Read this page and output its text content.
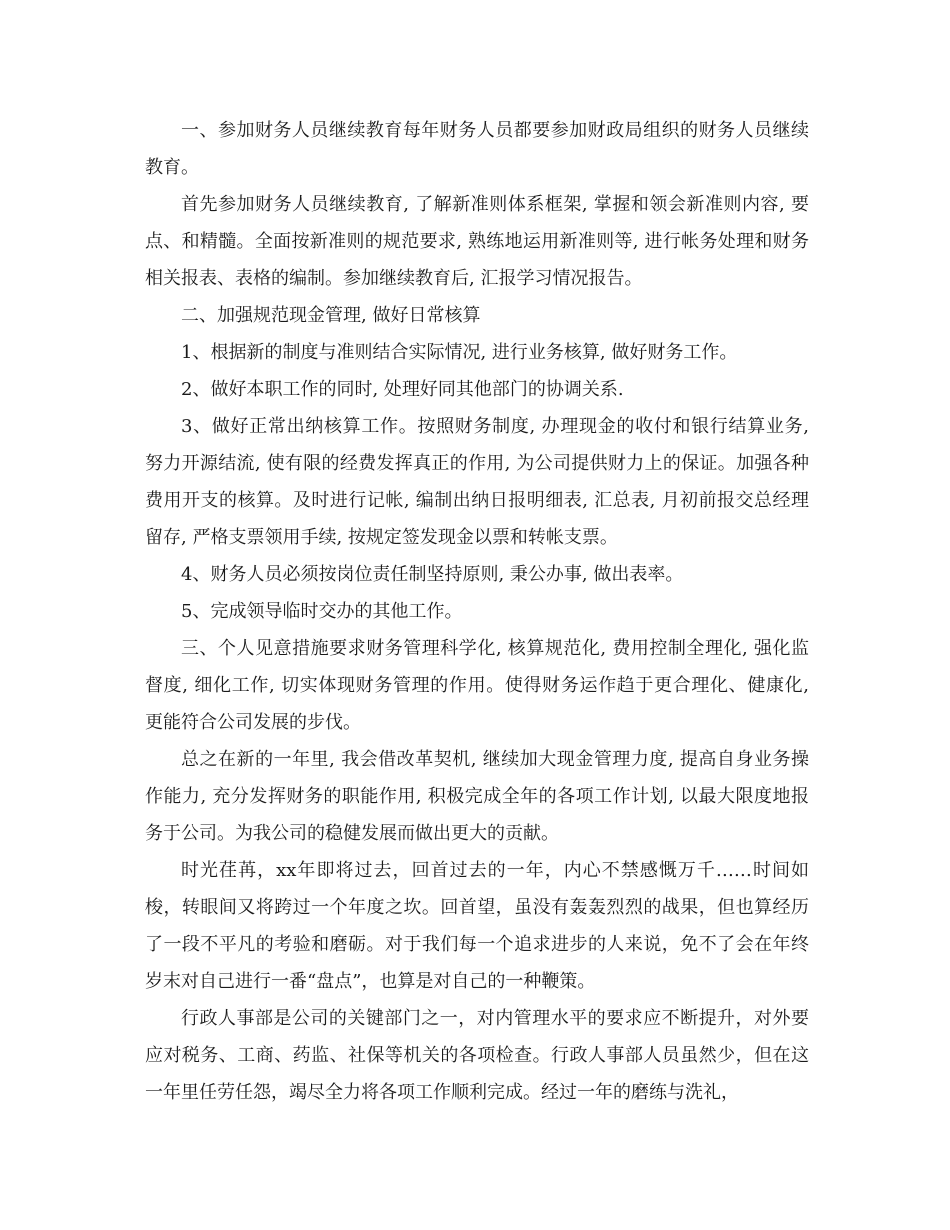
一、参加财务人员继续教育每年财务人员都要参加财政局组织的财务人员继续教育。

首先参加财务人员继续教育, 了解新准则体系框架, 掌握和领会新准则内容, 要点、和精髓。全面按新准则的规范要求, 熟练地运用新准则等, 进行帐务处理和财务相关报表、表格的编制。参加继续教育后, 汇报学习情况报告。

二、加强规范现金管理, 做好日常核算

1、根据新的制度与准则结合实际情况, 进行业务核算, 做好财务工作。

2、做好本职工作的同时, 处理好同其他部门的协调关系.

3、做好正常出纳核算工作。按照财务制度, 办理现金的收付和银行结算业务, 努力开源结流, 使有限的经费发挥真正的作用, 为公司提供财力上的保证。加强各种费用开支的核算。及时进行记帐, 编制出纳日报明细表, 汇总表, 月初前报交总经理留存, 严格支票领用手续, 按规定签发现金以票和转帐支票。

4、财务人员必须按岗位责任制坚持原则, 秉公办事, 做出表率。

5、完成领导临时交办的其他工作。

三、个人见意措施要求财务管理科学化, 核算规范化, 费用控制全理化, 强化监督度, 细化工作, 切实体现财务管理的作用。使得财务运作趋于更合理化、健康化, 更能符合公司发展的步伐。

总之在新的一年里, 我会借改革契机, 继续加大现金管理力度, 提高自身业务操作能力, 充分发挥财务的职能作用, 积极完成全年的各项工作计划, 以最大限度地报务于公司。为我公司的稳健发展而做出更大的贡献。

时光荏苒，xx年即将过去，回首过去的一年，内心不禁感慨万千……时间如梭，转眼间又将跨过一个年度之坎。回首望，虽没有轰轰烈烈的战果，但也算经历了一段不平凡的考验和磨砺。对于我们每一个追求进步的人来说，免不了会在年终岁末对自己进行一番“盘点”，也算是对自己的一种鞭策。

行政人事部是公司的关键部门之一，对内管理水平的要求应不断提升，对外要应对税务、工商、药监、社保等机关的各项检查。行政人事部人员虽然少，但在这一年里任劳任怨，竭尽全力将各项工作顺利完成。经过一年的磨练与洗礼，
